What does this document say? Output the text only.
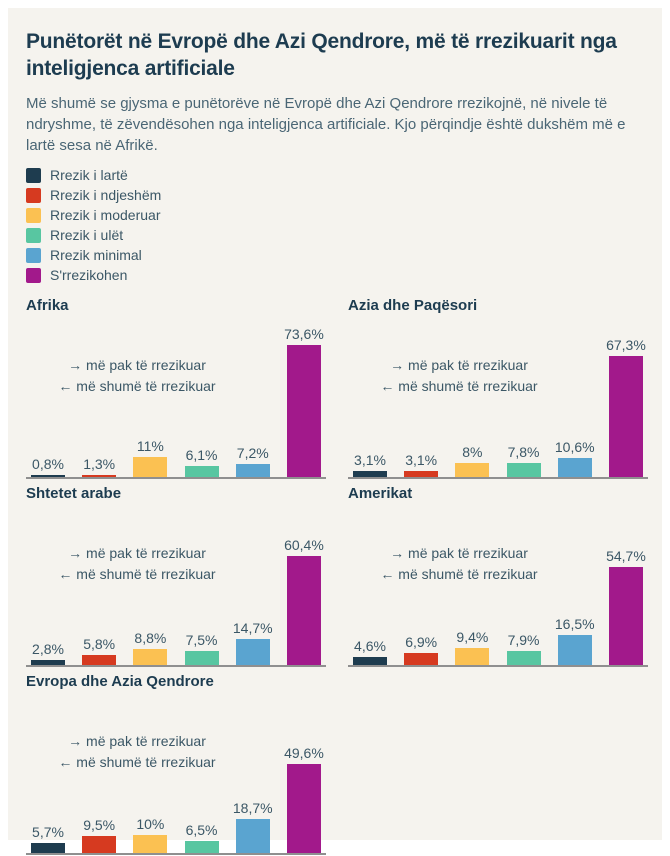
Punëtorët në Evropë dhe Azi Qendrore, më të rrezikuarit nga inteligjenca artificiale

Më shumë se gjysma e punëtorëve në Evropë dhe Azi Qendrore rrezikojnë, në nivele të ndryshme, të zëvendësohen nga inteligjenca artificiale. Kjo përqindje është dukshëm më e lartë sesa në Afrikë.

Rrezik i lartë
Rrezik i ndjeshëm
Rrezik i moderuar
Rrezik i ulët
Rrezik minimal
S'rrezikohen
Afrika
→ më pak të rrezikuar
← më shumë të rrezikuar
0,8% 1,3%
11%
6,1% 7,2%
73,6%
Azia dhe Paqësori
→ më pak të rrezikuar
← më shumë të rrezikuar
3,1% 3,1% 8% 7,8% 10,6%
67,3%
Shtetet arabe
→ më pak të rrezikuar
← më shumë të rrezikuar
2,8% 5,8% 8,8% 7,5%
14,7%
60,4%
Amerikat
→ më pak të rrezikuar
← më shumë të rrezikuar
4,6% 6,9% 9,4% 7,9%
16,5%
54,7%
Evropa dhe Azia Qendrore
→ më pak të rrezikuar
← më shumë të rrezikuar
5,7% 9,5% 10% 6,5%
18,7%
49,6%
